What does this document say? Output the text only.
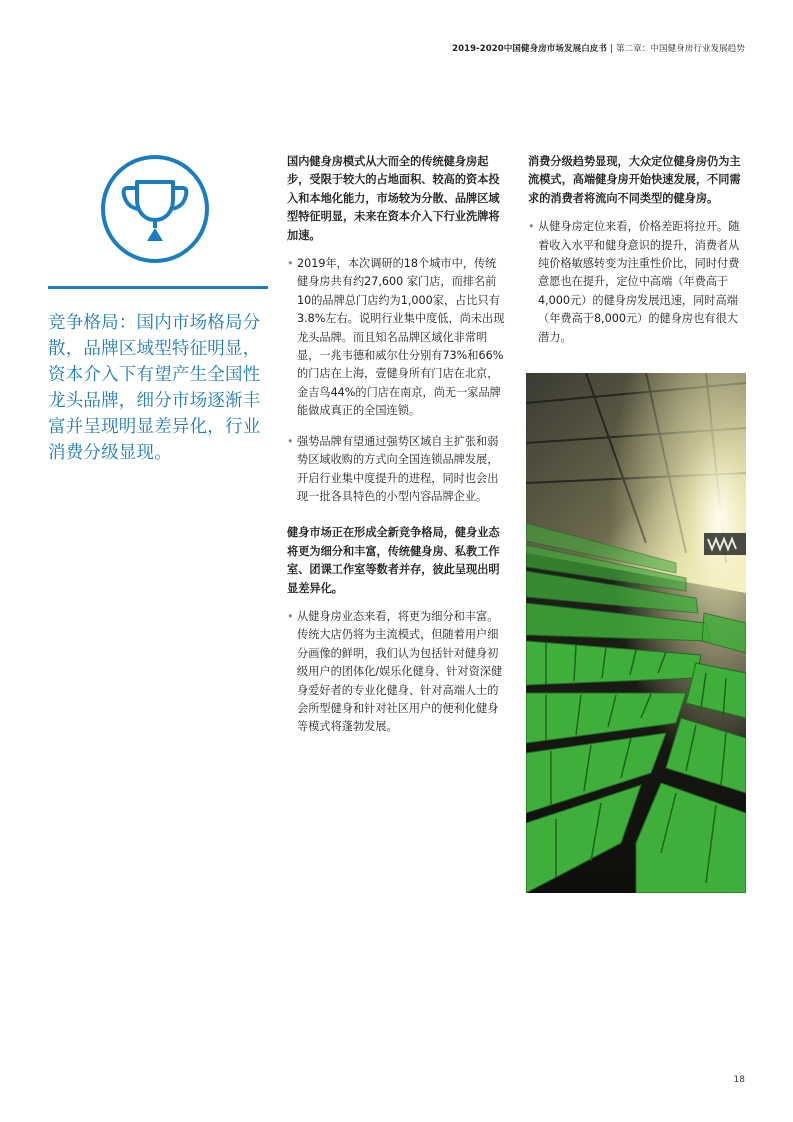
2019-2020中国健身房市场发展白皮书 | 第二章：中国健身房行业发展趋势
竞争格局：国内市场格局分散，品牌区域型特征明显，资本介入下有望产生全国性龙头品牌，细分市场逐渐丰富并呈现明显差异化，行业消费分级显现。

国内健身房模式从大而全的传统健身房起步，受限于较大的占地面积、较高的资本投入和本地化能力，市场较为分散、品牌区域型特征明显，未来在资本介入下行业洗牌将加速。

• 2019年，本次调研的18个城市中，传统健身房共有约27,600 家门店，而排名前10的品牌总门店约为1,000家，占比只有3.8%左右。说明行业集中度低，尚未出现龙头品牌。而且知名品牌区域化非常明显，一兆韦德和威尔仕分别有73%和66%的门店在上海，壹健身所有门店在北京，金吉鸟44%的门店在南京，尚无一家品牌能做成真正的全国连锁。
• 强势品牌有望通过强势区域自主扩张和弱势区域收购的方式向全国连锁品牌发展，开启行业集中度提升的进程，同时也会出现一批各具特色的小型内容品牌企业。

健身市场正在形成全新竞争格局，健身业态将更为细分和丰富，传统健身房、私教工作室、团课工作室等数者并存，彼此呈现出明显差异化。

• 从健身房业态来看，将更为细分和丰富。传统大店仍将为主流模式，但随着用户细分画像的鲜明，我们认为包括针对健身初级用户的团体化/娱乐化健身、针对资深健身爱好者的专业化健身、针对高端人士的会所型健身和针对社区用户的便利化健身等模式将蓬勃发展。

消费分级趋势显现，大众定位健身房仍为主流模式，高端健身房开始快速发展，不同需求的消费者将流向不同类型的健身房。

• 从健身房定位来看，价格差距将拉开。随着收入水平和健身意识的提升，消费者从纯价格敏感转变为注重性价比，同时付费意愿也在提升，定位中高端（年费高于4,000元）的健身房发展迅速，同时高端（年费高于8,000元）的健身房也有很大潜力。
18
